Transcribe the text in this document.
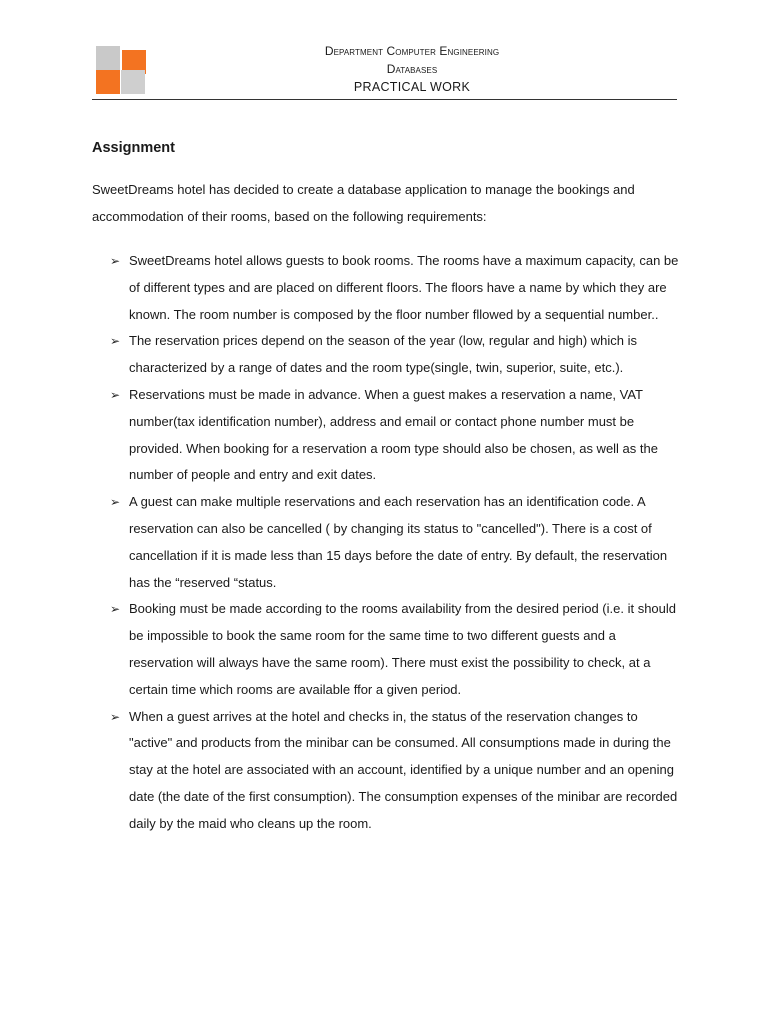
Department Computer Engineering
Databases
PRACTICAL WORK
Assignment
SweetDreams hotel has decided to create a database application to manage the bookings and accommodation of their rooms, based on the following requirements:
➢ SweetDreams hotel allows guests to book rooms. The rooms have a maximum capacity, can be of different types and are placed on different floors. The floors have a name by which they are known. The room number is composed by the floor number fllowed by a sequential number..
➢ The reservation prices depend on the season of the year (low, regular and high) which is characterized by a range of dates and the room type(single, twin, superior, suite, etc.).
➢ Reservations must be made in advance. When a guest makes a reservation a name, VAT number(tax identification number), address and email or contact phone number must be provided. When booking for a reservation a room type should also be chosen, as well as the number of people and entry and exit dates.
➢ A guest can make multiple reservations and each reservation has an identification code. A reservation can also be cancelled ( by changing its status to "cancelled"). There is a cost of cancellation if it is made less than 15 days before the date of entry. By default, the reservation has the “reserved “status.
➢ Booking must be made according to the rooms availability from the desired period (i.e. it should be impossible to book the same room for the same time to two different guests and a reservation will always have the same room). There must exist the possibility to check, at a certain time which rooms are available ffor a given period.
➢ When a guest arrives at the hotel and checks in, the status of the reservation changes to "active" and products from the minibar can be consumed. All consumptions made in during the stay at the hotel are associated with an account, identified by a unique number and an opening date (the date of the first consumption). The consumption expenses of the minibar are recorded daily by the maid who cleans up the room.
